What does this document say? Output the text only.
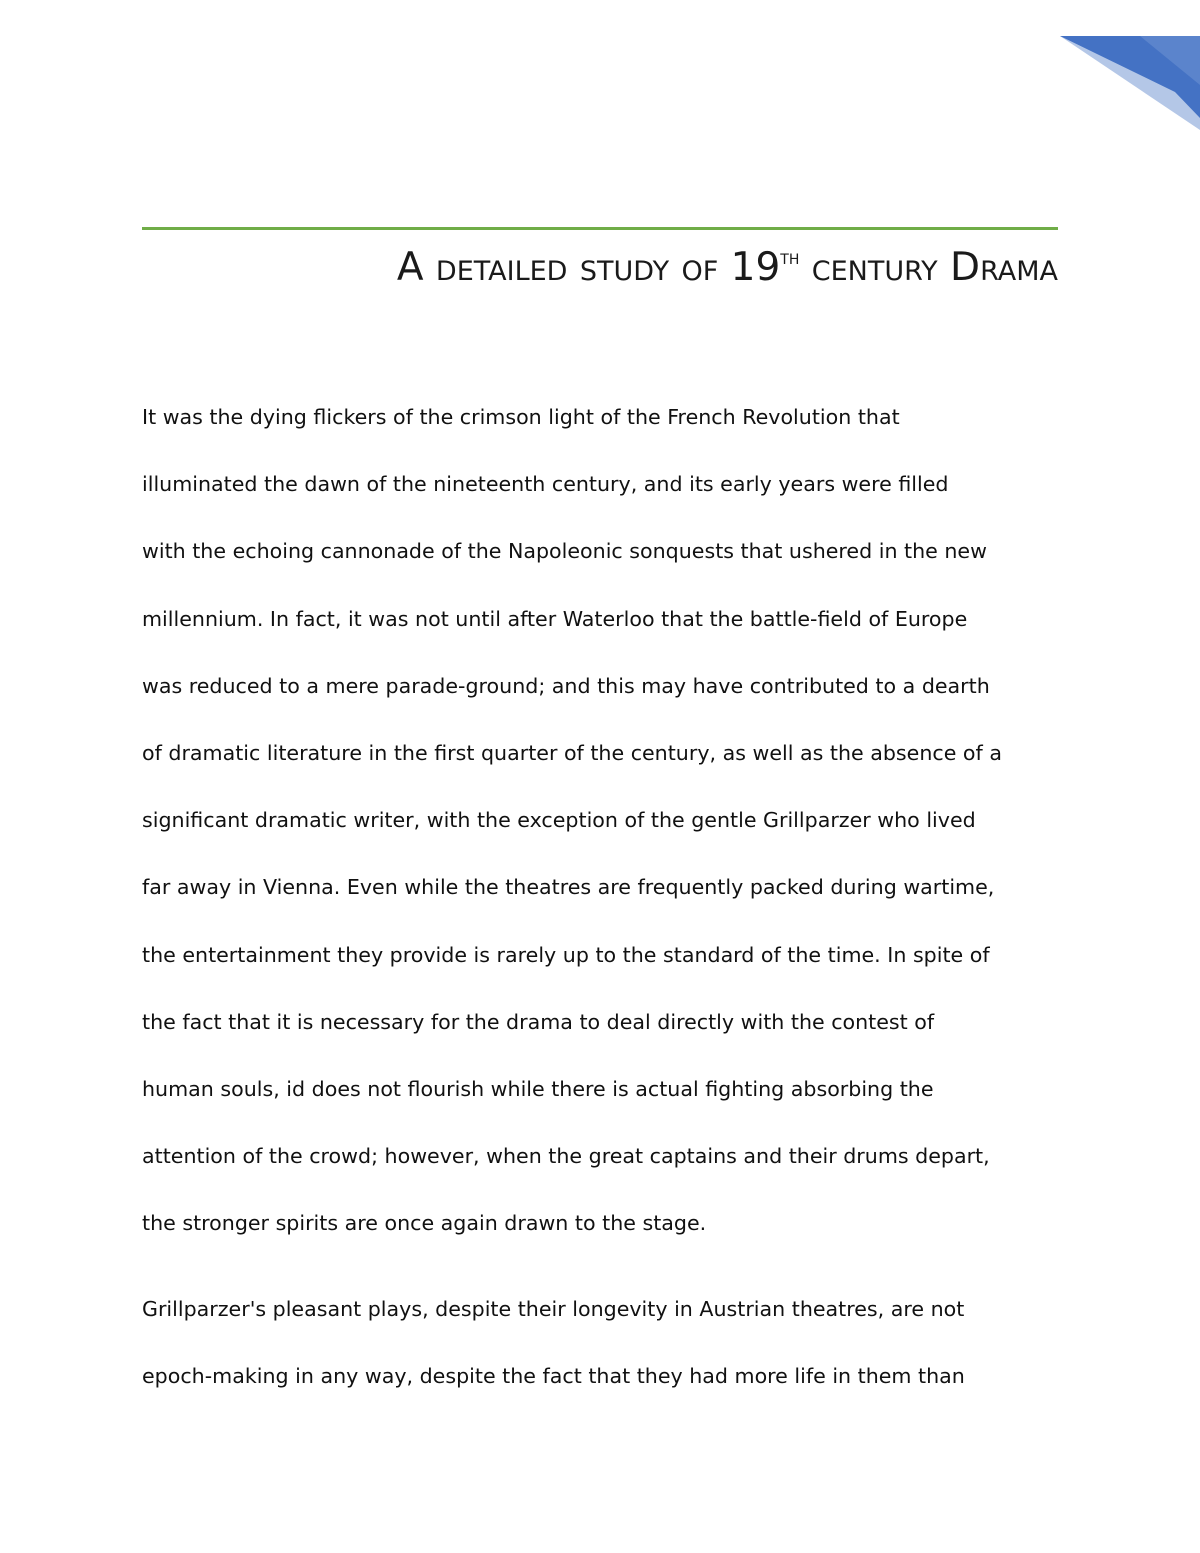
A detailed study of 19th century Drama
It was the dying flickers of the crimson light of the French Revolution that
illuminated the dawn of the nineteenth century, and its early years were filled
with the echoing cannonade of the Napoleonic sonquests that ushered in the new
millennium. In fact, it was not until after Waterloo that the battle-field of Europe
was reduced to a mere parade-ground; and this may have contributed to a dearth
of dramatic literature in the first quarter of the century, as well as the absence of a
significant dramatic writer, with the exception of the gentle Grillparzer who lived
far away in Vienna. Even while the theatres are frequently packed during wartime,
the entertainment they provide is rarely up to the standard of the time. In spite of
the fact that it is necessary for the drama to deal directly with the contest of
human souls, id does not flourish while there is actual fighting absorbing the
attention of the crowd; however, when the great captains and their drums depart,
the stronger spirits are once again drawn to the stage.
Grillparzer's pleasant plays, despite their longevity in Austrian theatres, are not
epoch-making in any way, despite the fact that they had more life in them than
